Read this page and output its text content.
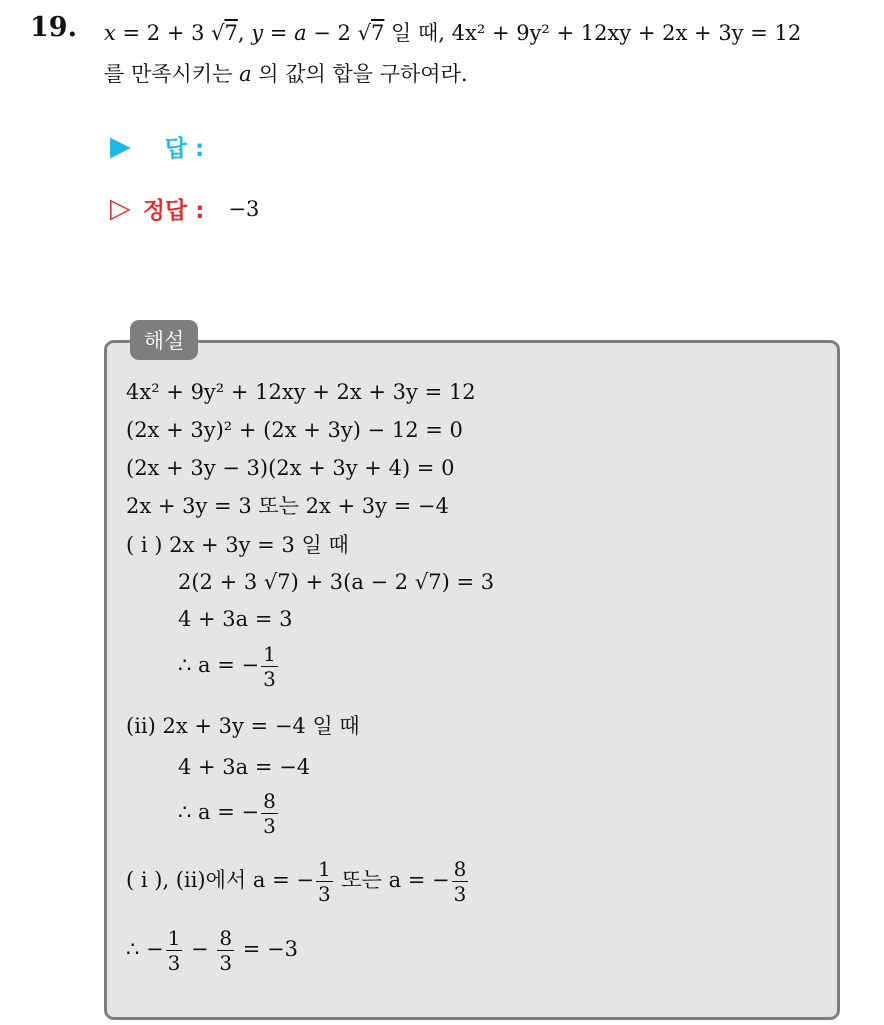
19. x = 2 + 3 √7, y = a − 2 √7 일 때, 4x² + 9y² + 12xy + 2x + 3y = 12
를 만족시키는 a 의 값의 합을 구하여라.
▶ 답 :
▷ 정답 : −3
해설
4x² + 9y² + 12xy + 2x + 3y = 12
(2x + 3y)² + (2x + 3y) − 12 = 0
(2x + 3y − 3)(2x + 3y + 4) = 0
2x + 3y = 3 또는 2x + 3y = −4
( i ) 2x + 3y = 3 일 때
2(2 + 3 √7) + 3(a − 2 √7) = 3
4 + 3a = 3
∴ a = − $\frac{1}{3}$
(ii) 2x + 3y = −4 일 때
4 + 3a = −4
∴ a = − $\frac{8}{3}$
( i ), (ii)에서 a = − $\frac{1}{3}$ 또는 a = − $\frac{8}{3}$
∴ − $\frac{1}{3} - \frac{8}{3} = -3$
